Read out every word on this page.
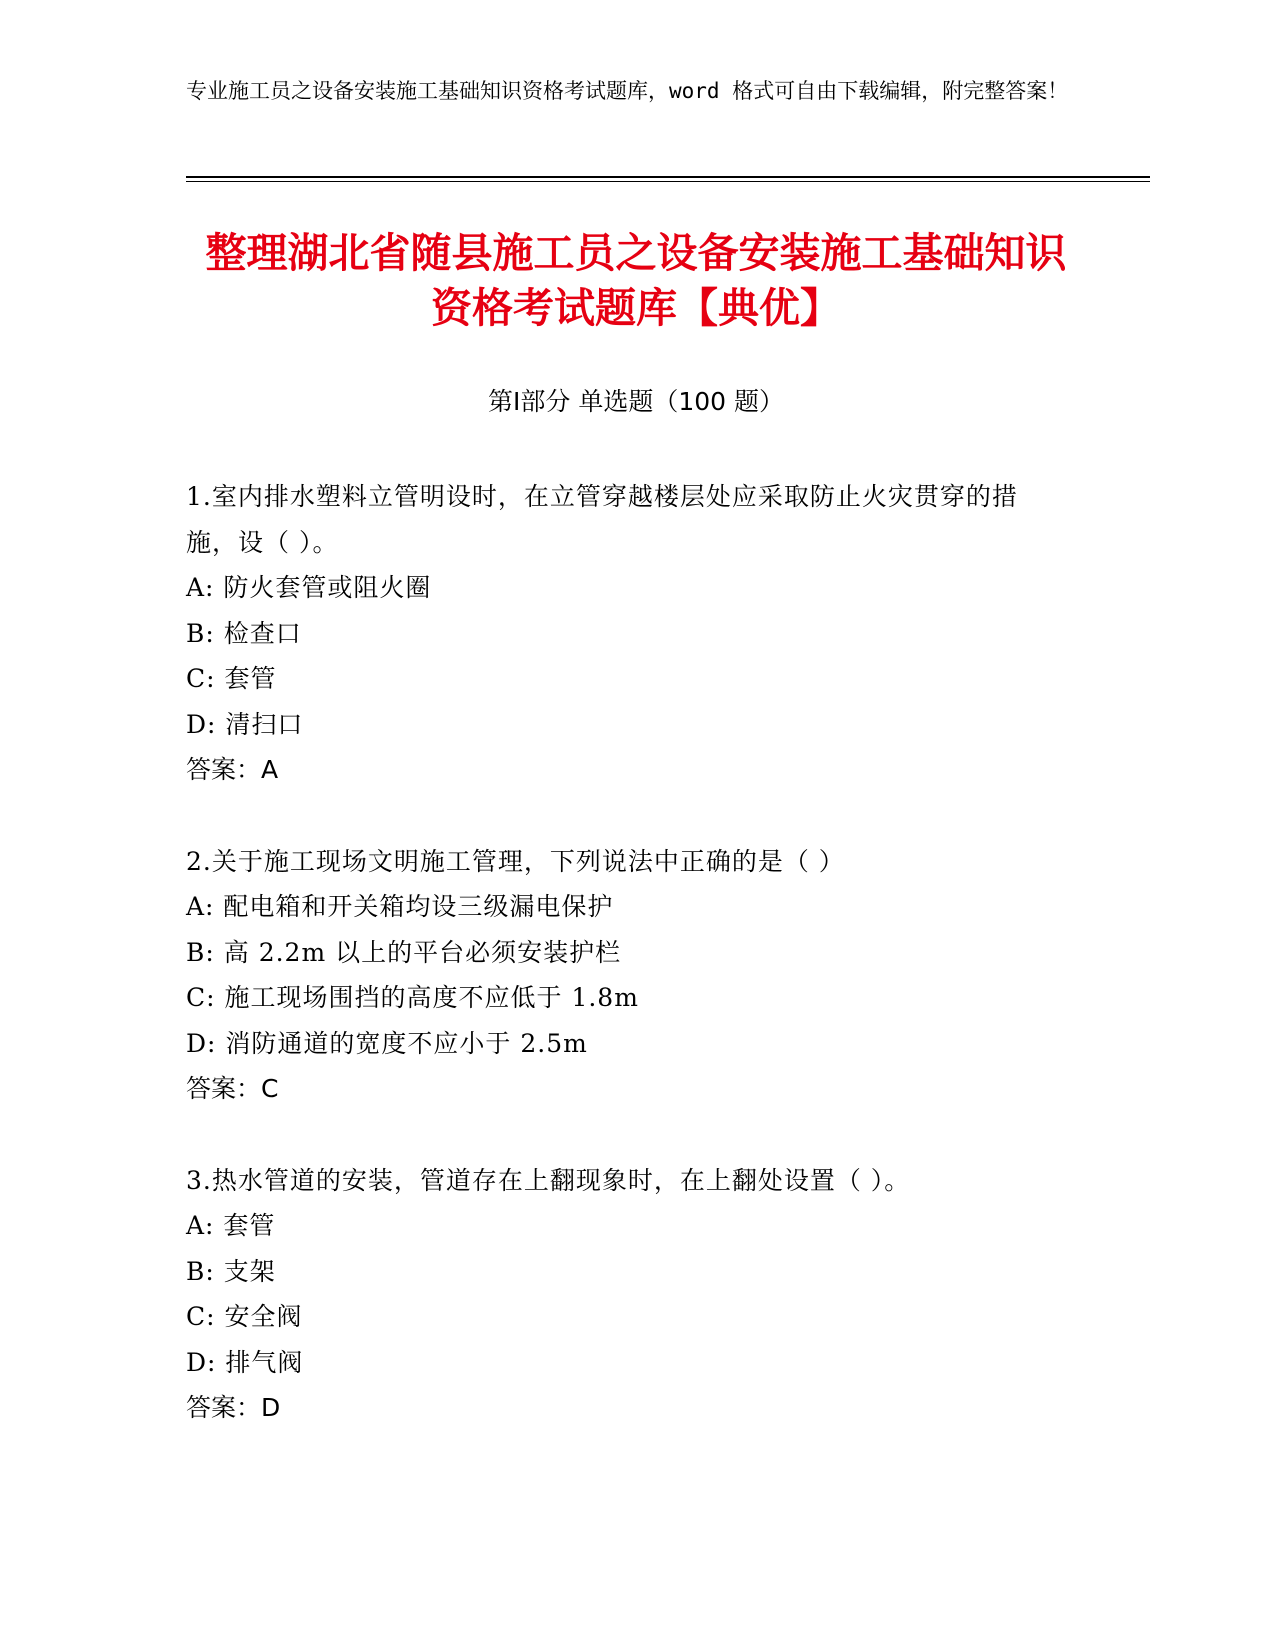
专业施工员之设备安装施工基础知识资格考试题库，word 格式可自由下载编辑，附完整答案！
整理湖北省随县施工员之设备安装施工基础知识资格考试题库【典优】
第Ⅰ部分 单选题（100 题）
1.室内排水塑料立管明设时，在立管穿越楼层处应采取防止火灾贯穿的措施，设（ ）。
A: 防火套管或阻火圈
B: 检查口
C: 套管
D: 清扫口
答案：A
2.关于施工现场文明施工管理，下列说法中正确的是（ ）
A: 配电箱和开关箱均设三级漏电保护
B: 高 2.2m 以上的平台必须安装护栏
C: 施工现场围挡的高度不应低于 1.8m
D: 消防通道的宽度不应小于 2.5m
答案：C
3.热水管道的安装，管道存在上翻现象时，在上翻处设置（ ）。
A: 套管
B: 支架
C: 安全阀
D: 排气阀
答案：D
